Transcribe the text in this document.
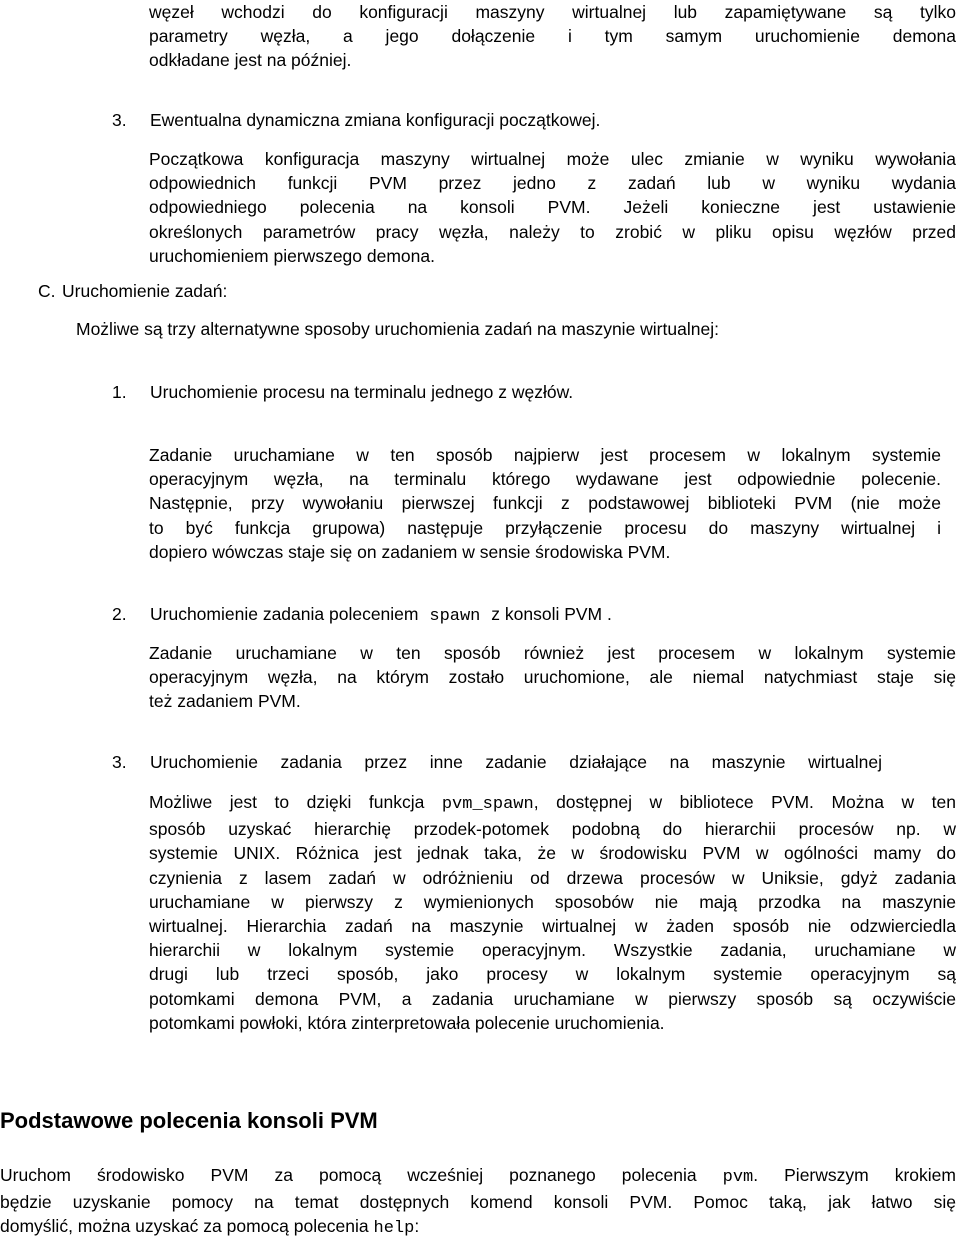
węzeł wchodzi do konfiguracji maszyny wirtualnej lub zapamiętywane są tylko
parametry węzła, a jego dołączenie i tym samym uruchomienie demona
odkładane jest na później.
3. Ewentualna dynamiczna zmiana konfiguracji początkowej.
Początkowa konfiguracja maszyny wirtualnej może ulec zmianie w wyniku wywołania
odpowiednich funkcji PVM przez jedno z zadań lub w wyniku wydania
odpowiedniego polecenia na konsoli PVM. Jeżeli konieczne jest ustawienie
określonych parametrów pracy węzła, należy to zrobić w pliku opisu węzłów przed
uruchomieniem pierwszego demona.
C. Uruchomienie zadań:
Możliwe są trzy alternatywne sposoby uruchomienia zadań na maszynie wirtualnej:
1. Uruchomienie procesu na terminalu jednego z węzłów.
Zadanie uruchamiane w ten sposób najpierw jest procesem w lokalnym systemie
operacyjnym węzła, na terminalu którego wydawane jest odpowiednie polecenie.
Następnie, przy wywołaniu pierwszej funkcji z podstawowej biblioteki PVM (nie może
to być funkcja grupowa) następuje przyłączenie procesu do maszyny wirtualnej i
dopiero wówczas staje się on zadaniem w sensie środowiska PVM.
2. Uruchomienie zadania poleceniem spawn z konsoli PVM .
Zadanie uruchamiane w ten sposób również jest procesem w lokalnym systemie
operacyjnym węzła, na którym zostało uruchomione, ale niemal natychmiast staje się
też zadaniem PVM.
3. Uruchomienie zadania przez inne zadanie działające na maszynie wirtualnej
Możliwe jest to dzięki funkcja pvm_spawn, dostępnej w bibliotece PVM. Można w ten
sposób uzyskać hierarchię przodek-potomek podobną do hierarchii procesów np. w
systemie UNIX. Różnica jest jednak taka, że w środowisku PVM w ogólności mamy do
czynienia z lasem zadań w odróżnieniu od drzewa procesów w Uniksie, gdyż zadania
uruchamiane w pierwszy z wymienionych sposobów nie mają przodka na maszynie
wirtualnej. Hierarchia zadań na maszynie wirtualnej w żaden sposób nie odzwierciedla
hierarchii w lokalnym systemie operacyjnym. Wszystkie zadania, uruchamiane w
drugi lub trzeci sposób, jako procesy w lokalnym systemie operacyjnym są
potomkami demona PVM, a zadania uruchamiane w pierwszy sposób są oczywiście
potomkami powłoki, która zinterpretowała polecenie uruchomienia.
Podstawowe polecenia konsoli PVM
Uruchom środowisko PVM za pomocą wcześniej poznanego polecenia pvm. Pierwszym krokiem
będzie uzyskanie pomocy na temat dostępnych komend konsoli PVM. Pomoc taką, jak łatwo się
domyślić, można uzyskać za pomocą polecenia help:
